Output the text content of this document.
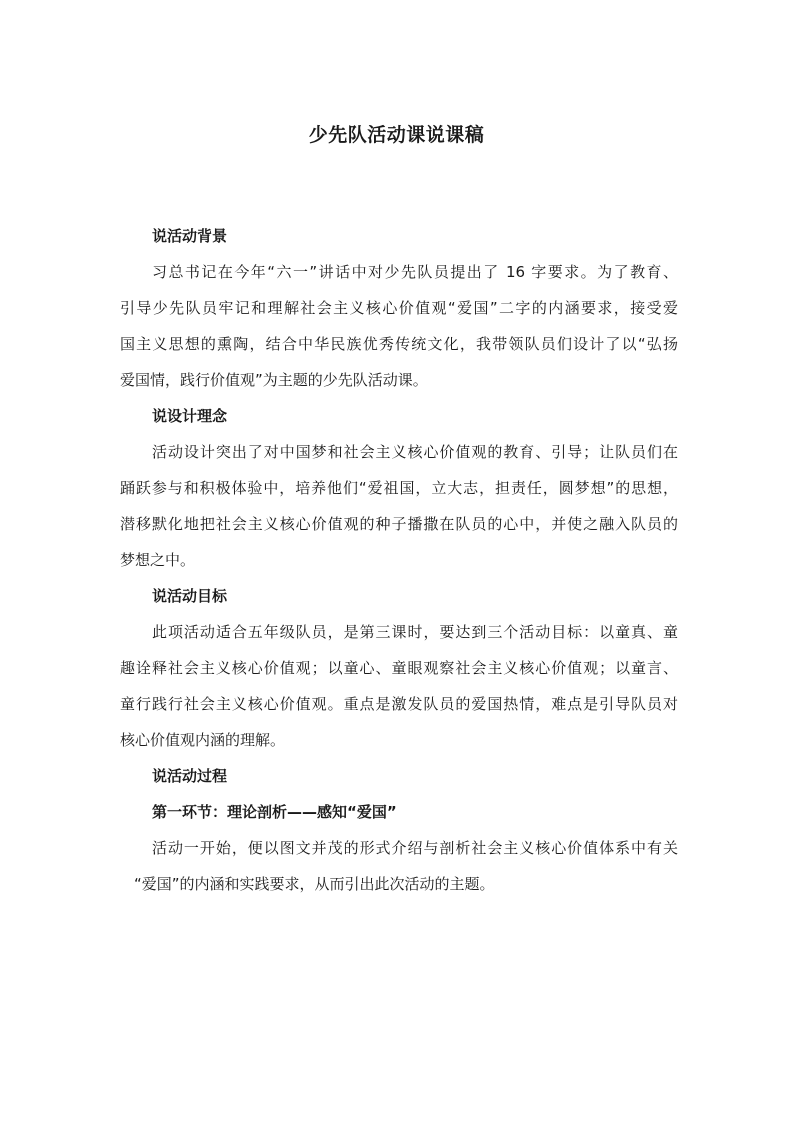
少先队活动课说课稿
说活动背景
习总书记在今年“六一”讲话中对少先队员提出了 16 字要求。为了教育、
引导少先队员牢记和理解社会主义核心价值观“爱国”二字的内涵要求，接受爱
国主义思想的熏陶，结合中华民族优秀传统文化，我带领队员们设计了以“弘扬
爱国情，践行价值观”为主题的少先队活动课。
说设计理念
活动设计突出了对中国梦和社会主义核心价值观的教育、引导；让队员们在
踊跃参与和积极体验中，培养他们“爱祖国，立大志，担责任，圆梦想”的思想，
潜移默化地把社会主义核心价值观的种子播撒在队员的心中，并使之融入队员的
梦想之中。
说活动目标
此项活动适合五年级队员，是第三课时，要达到三个活动目标：以童真、童
趣诠释社会主义核心价值观；以童心、童眼观察社会主义核心价值观；以童言、
童行践行社会主义核心价值观。重点是激发队员的爱国热情，难点是引导队员对
核心价值观内涵的理解。
说活动过程
第一环节：理论剖析——感知“爱国”
活动一开始，便以图文并茂的形式介绍与剖析社会主义核心价值体系中有关
“爱国”的内涵和实践要求，从而引出此次活动的主题。
